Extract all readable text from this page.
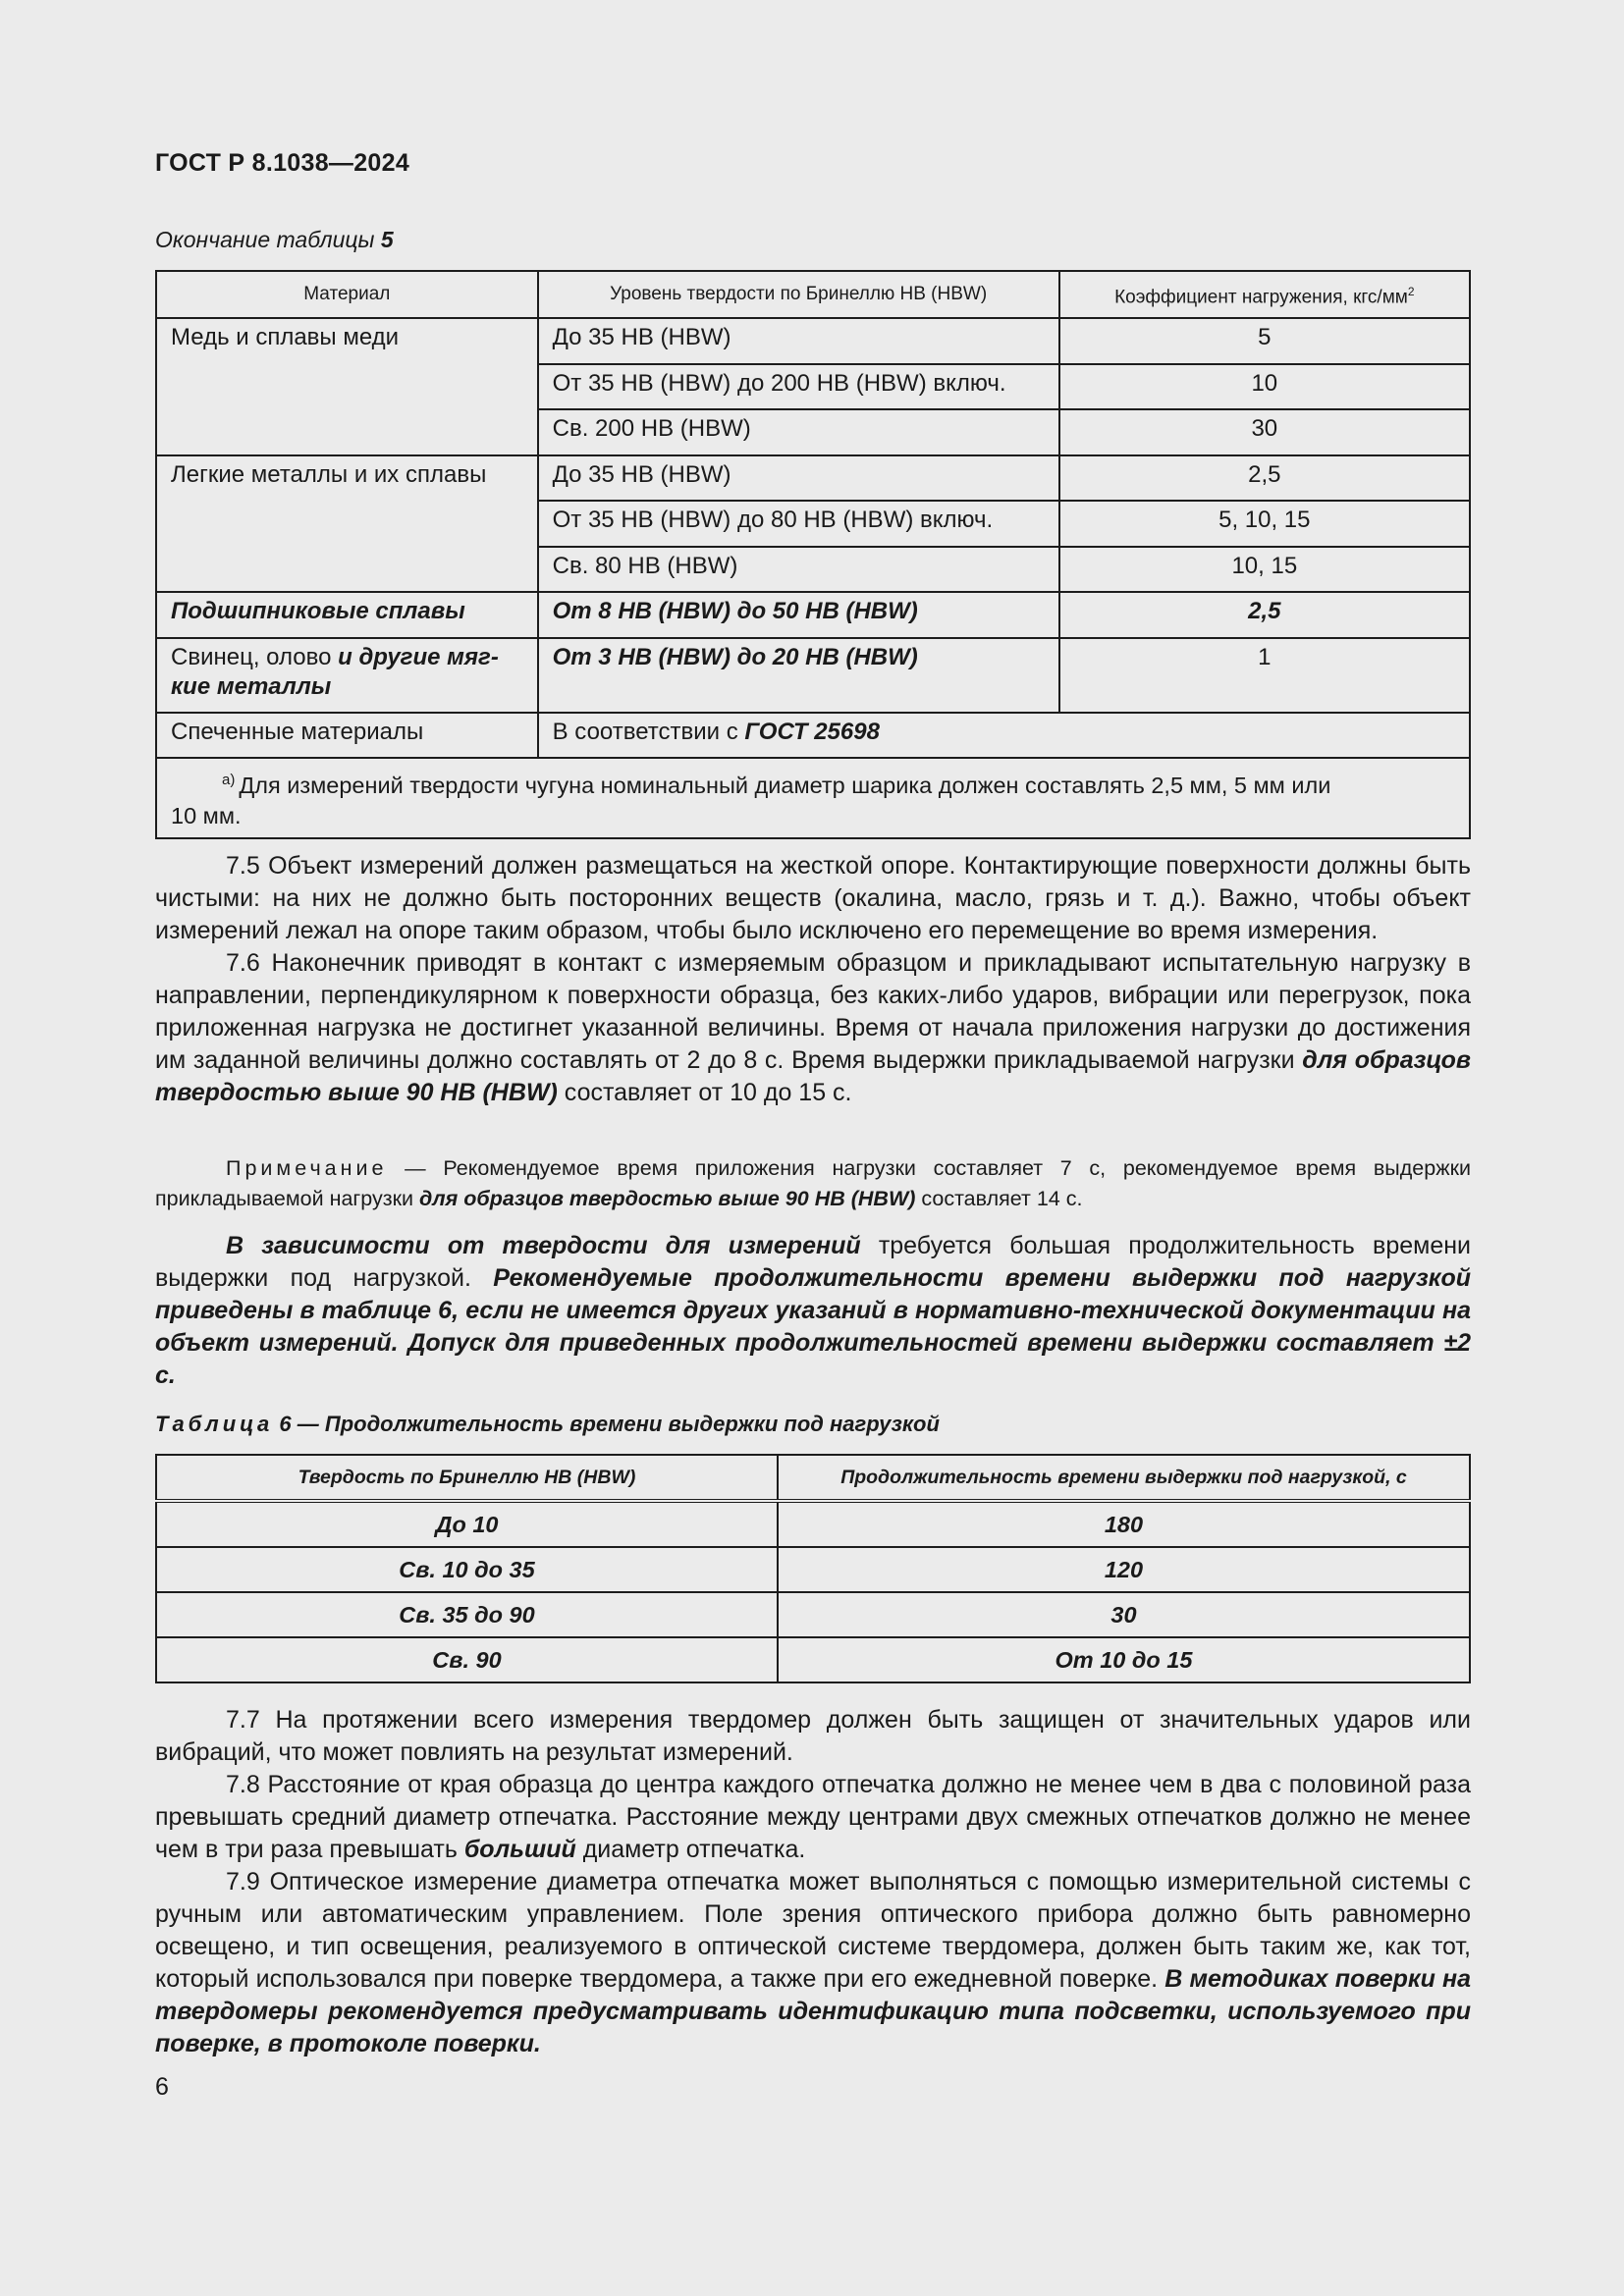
ГОСТ Р 8.1038—2024
Окончание таблицы 5
Материал	Уровень твердости по Бринеллю НВ (HBW)	Коэффициент нагружения, кгс/$мм^2$
Медь и сплавы меди	До 35 НВ (HBW)	5
	От 35 НВ (HBW) до 200 НВ (HBW) включ.	10
	Св. 200 НВ (HBW)	30
Легкие металлы и их сплавы	До 35 НВ (HBW)	2,5
	От 35 НВ (HBW) до 80 НВ (HBW) включ.	5, 10, 15
	Св. 80 НВ (HBW)	10, 15
Подшипниковые сплавы	От 8 НВ (HBW) до 50 НВ (HBW)	2,5
Свинец, олово и другие мяг-
кие металлы	От 3 НВ (HBW) до 20 НВ (HBW)	1
Спеченные материалы	В соответствии с ГОСТ 25698	

$^{а)}$ Для измерений твердости чугуна номинальный диаметр шарика должен составлять 2,5 мм, 5 мм или
10 мм.		

7.5 Объект измерений должен размещаться на жесткой опоре. Контактирующие поверхности должны быть чистыми: на них не должно быть посторонних веществ (окалина, масло, грязь и т. д.). Важно, чтобы объект измерений лежал на опоре таким образом, чтобы было исключено его перемещение во время измерения.

7.6 Наконечник приводят в контакт с измеряемым образцом и прикладывают испытательную нагрузку в направлении, перпендикулярном к поверхности образца, без каких-либо ударов, вибрации или перегрузок, пока приложенная нагрузка не достигнет указанной величины. Время от начала приложения нагрузки до достижения им заданной величины должно составлять от 2 до 8 с. Время выдержки прикладываемой нагрузки для образцов твердостью выше 90 НВ (HBW) составляет от 10 до 15 с.

Примечание — Рекомендуемое время приложения нагрузки составляет 7 с, рекомендуемое время выдержки прикладываемой нагрузки для образцов твердостью выше 90 НВ (HBW) составляет 14 с.

В зависимости от твердости для измерений требуется большая продолжительность времени выдержки под нагрузкой. Рекомендуемые продолжительности времени выдержки под нагрузкой приведены в таблице 6, если не имеется других указаний в нормативно-технической документации на объект измерений. Допуск для приведенных продолжительностей времени выдержки составляет ±2 с.

Таблица 6 — Продолжительность времени выдержки под нагрузкой
Твердость по Бринеллю НВ (HBW)	Продолжительность времени выдержки под нагрузкой, с
До 10	180
Св. 10 до 35	120
Св. 35 до 90	30
Св. 90	От 10 до 15

7.7 На протяжении всего измерения твердомер должен быть защищен от значительных ударов или вибраций, что может повлиять на результат измерений.

7.8 Расстояние от края образца до центра каждого отпечатка должно не менее чем в два с половиной раза превышать средний диаметр отпечатка. Расстояние между центрами двух смежных отпечатков должно не менее чем в три раза превышать больший диаметр отпечатка.

7.9 Оптическое измерение диаметра отпечатка может выполняться с помощью измерительной системы с ручным или автоматическим управлением. Поле зрения оптического прибора должно быть равномерно освещено, и тип освещения, реализуемого в оптической системе твердомера, должен быть таким же, как тот, который использовался при поверке твердомера, а также при его ежедневной поверке. В методиках поверки на твердомеры рекомендуется предусматривать идентификацию типа подсветки, используемого при поверке, в протоколе поверки.

6
